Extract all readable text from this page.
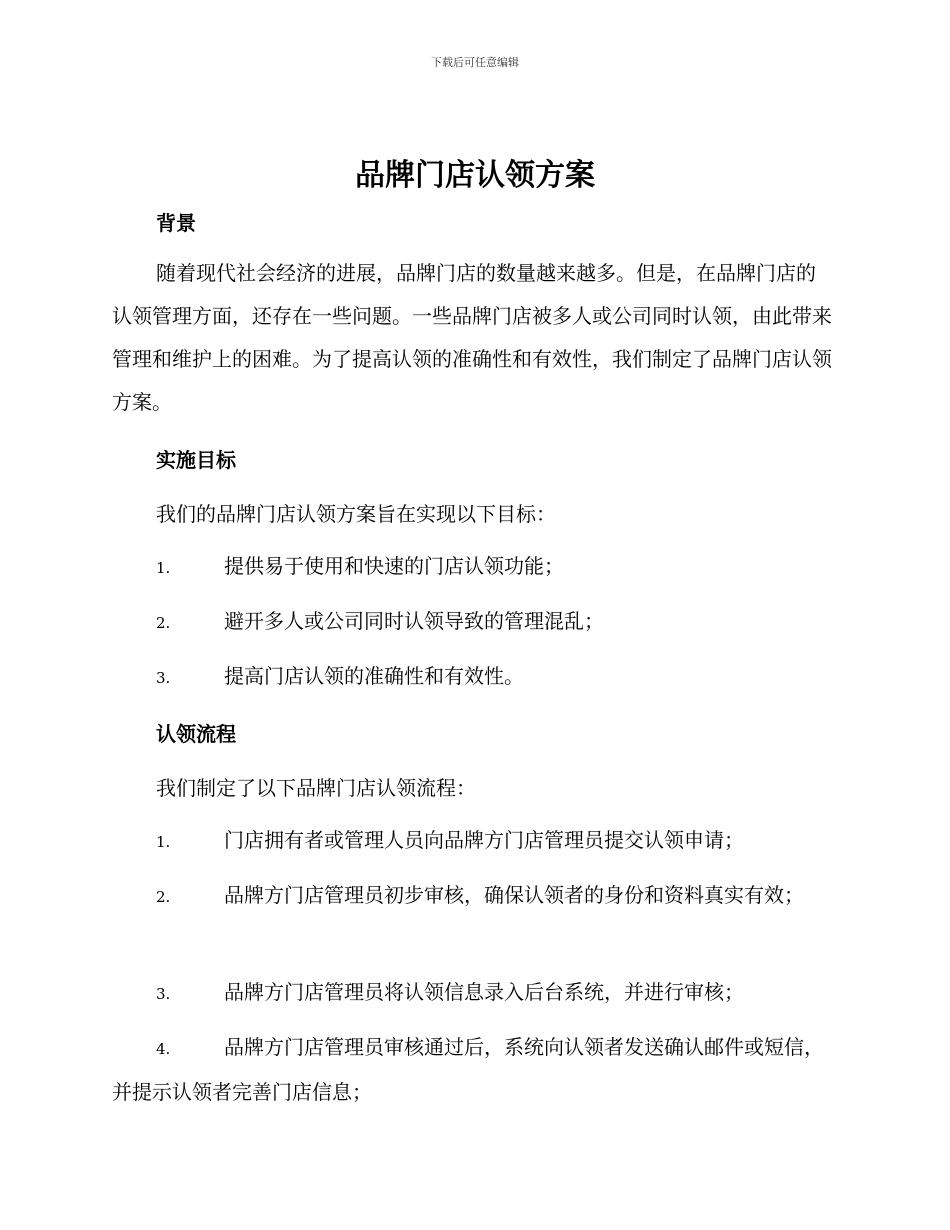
下载后可任意编辑
品牌门店认领方案
背景
随着现代社会经济的进展，品牌门店的数量越来越多。但是，在品牌门店的认领管理方面，还存在一些问题。一些品牌门店被多人或公司同时认领，由此带来管理和维护上的困难。为了提高认领的准确性和有效性，我们制定了品牌门店认领方案。
实施目标
我们的品牌门店认领方案旨在实现以下目标：
1.	提供易于使用和快速的门店认领功能；
2.	避开多人或公司同时认领导致的管理混乱；
3.	提高门店认领的准确性和有效性。
认领流程
我们制定了以下品牌门店认领流程：
1.	门店拥有者或管理人员向品牌方门店管理员提交认领申请；
2.	品牌方门店管理员初步审核，确保认领者的身份和资料真实有效；
3.	品牌方门店管理员将认领信息录入后台系统，并进行审核；
4.	品牌方门店管理员审核通过后，系统向认领者发送确认邮件或短信，并提示认领者完善门店信息；
